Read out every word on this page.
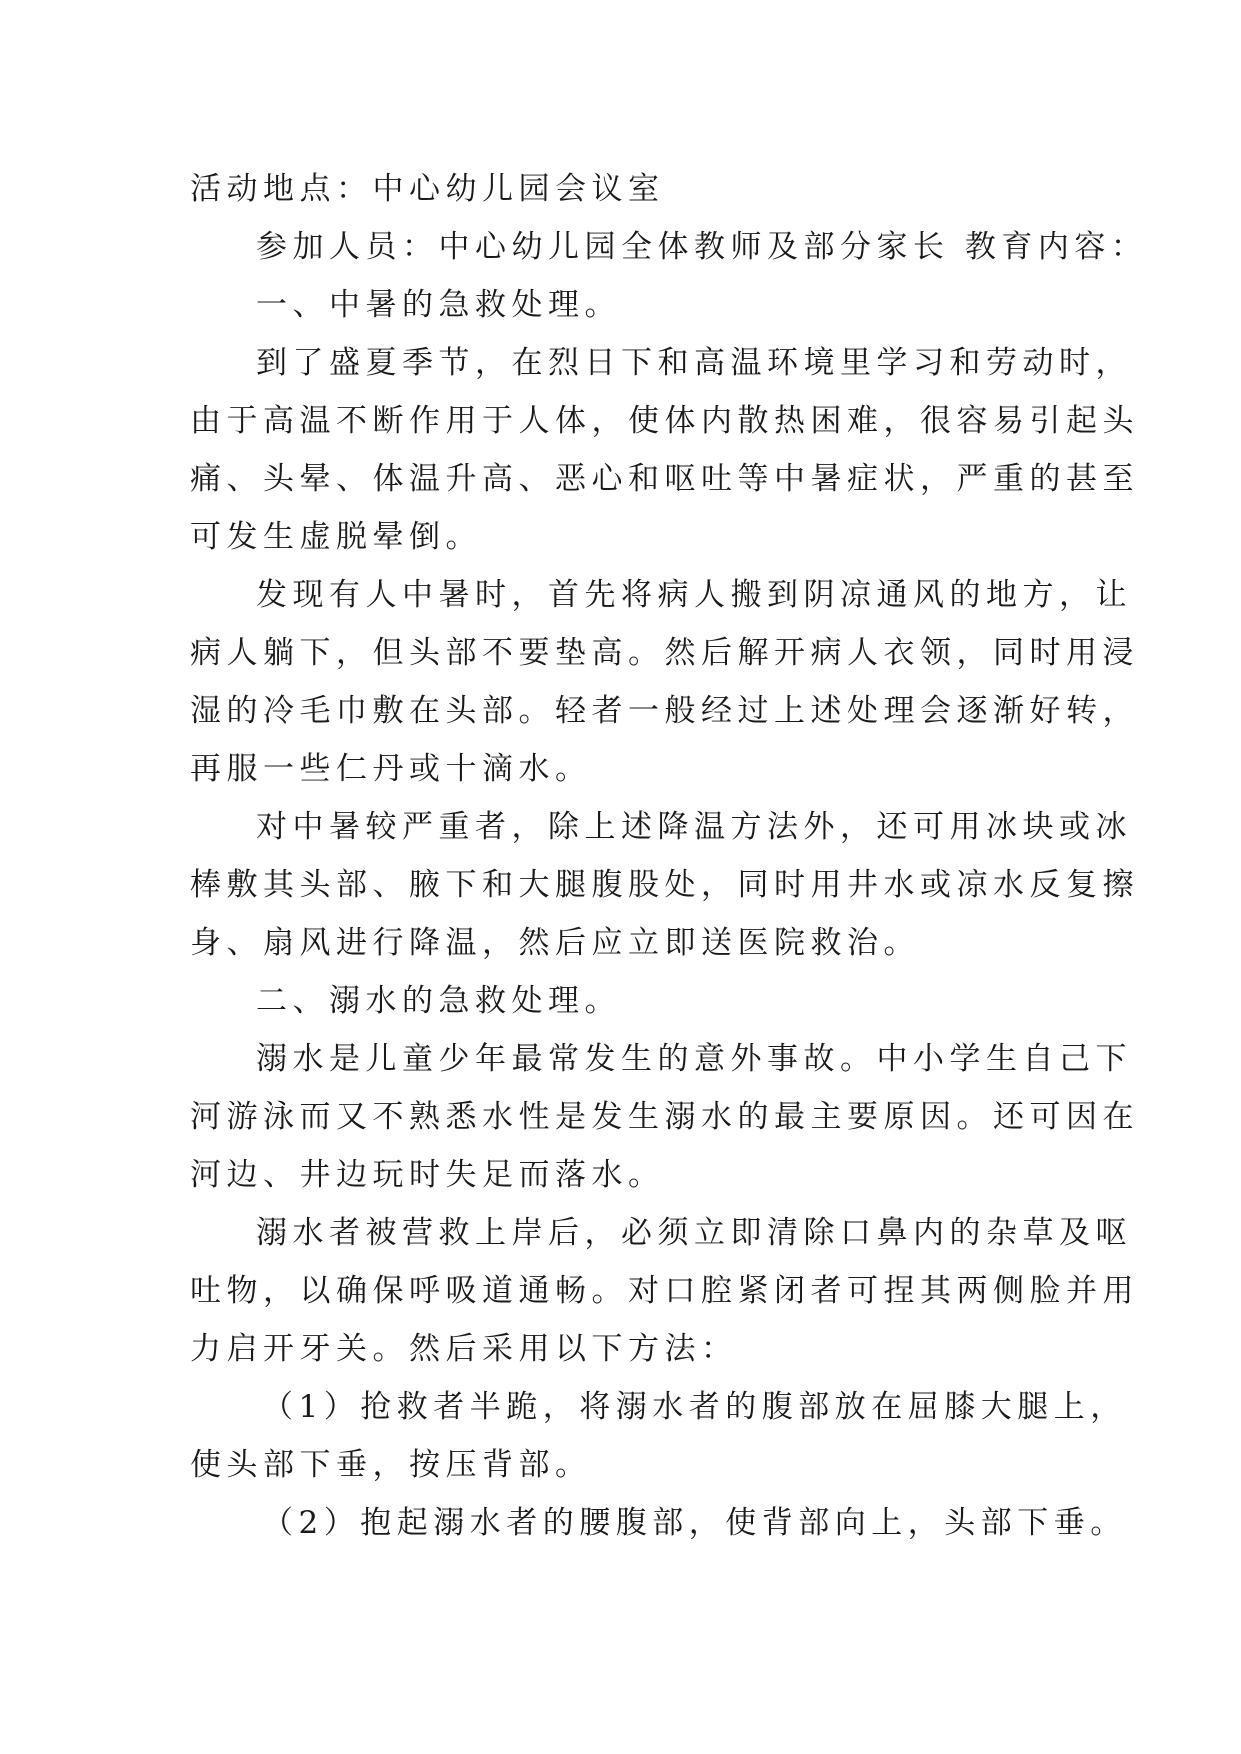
活动地点：中心幼儿园会议室

参加人员：中心幼儿园全体教师及部分家长 教育内容：

一、中暑的急救处理。

到了盛夏季节，在烈日下和高温环境里学习和劳动时，

由于高温不断作用于人体，使体内散热困难，很容易引起头

痛、头晕、体温升高、恶心和呕吐等中暑症状，严重的甚至

可发生虚脱晕倒。

发现有人中暑时，首先将病人搬到阴凉通风的地方，让

病人躺下，但头部不要垫高。然后解开病人衣领，同时用浸

湿的冷毛巾敷在头部。轻者一般经过上述处理会逐渐好转，

再服一些仁丹或十滴水。

对中暑较严重者，除上述降温方法外，还可用冰块或冰

棒敷其头部、腋下和大腿腹股处，同时用井水或凉水反复擦

身、扇风进行降温，然后应立即送医院救治。

二、溺水的急救处理。

溺水是儿童少年最常发生的意外事故。中小学生自己下

河游泳而又不熟悉水性是发生溺水的最主要原因。还可因在

河边、井边玩时失足而落水。

溺水者被营救上岸后，必须立即清除口鼻内的杂草及呕

吐物，以确保呼吸道通畅。对口腔紧闭者可捏其两侧脸并用

力启开牙关。然后采用以下方法：

（1）抢救者半跪，将溺水者的腹部放在屈膝大腿上，

使头部下垂，按压背部。

（2）抱起溺水者的腰腹部，使背部向上，头部下垂。
